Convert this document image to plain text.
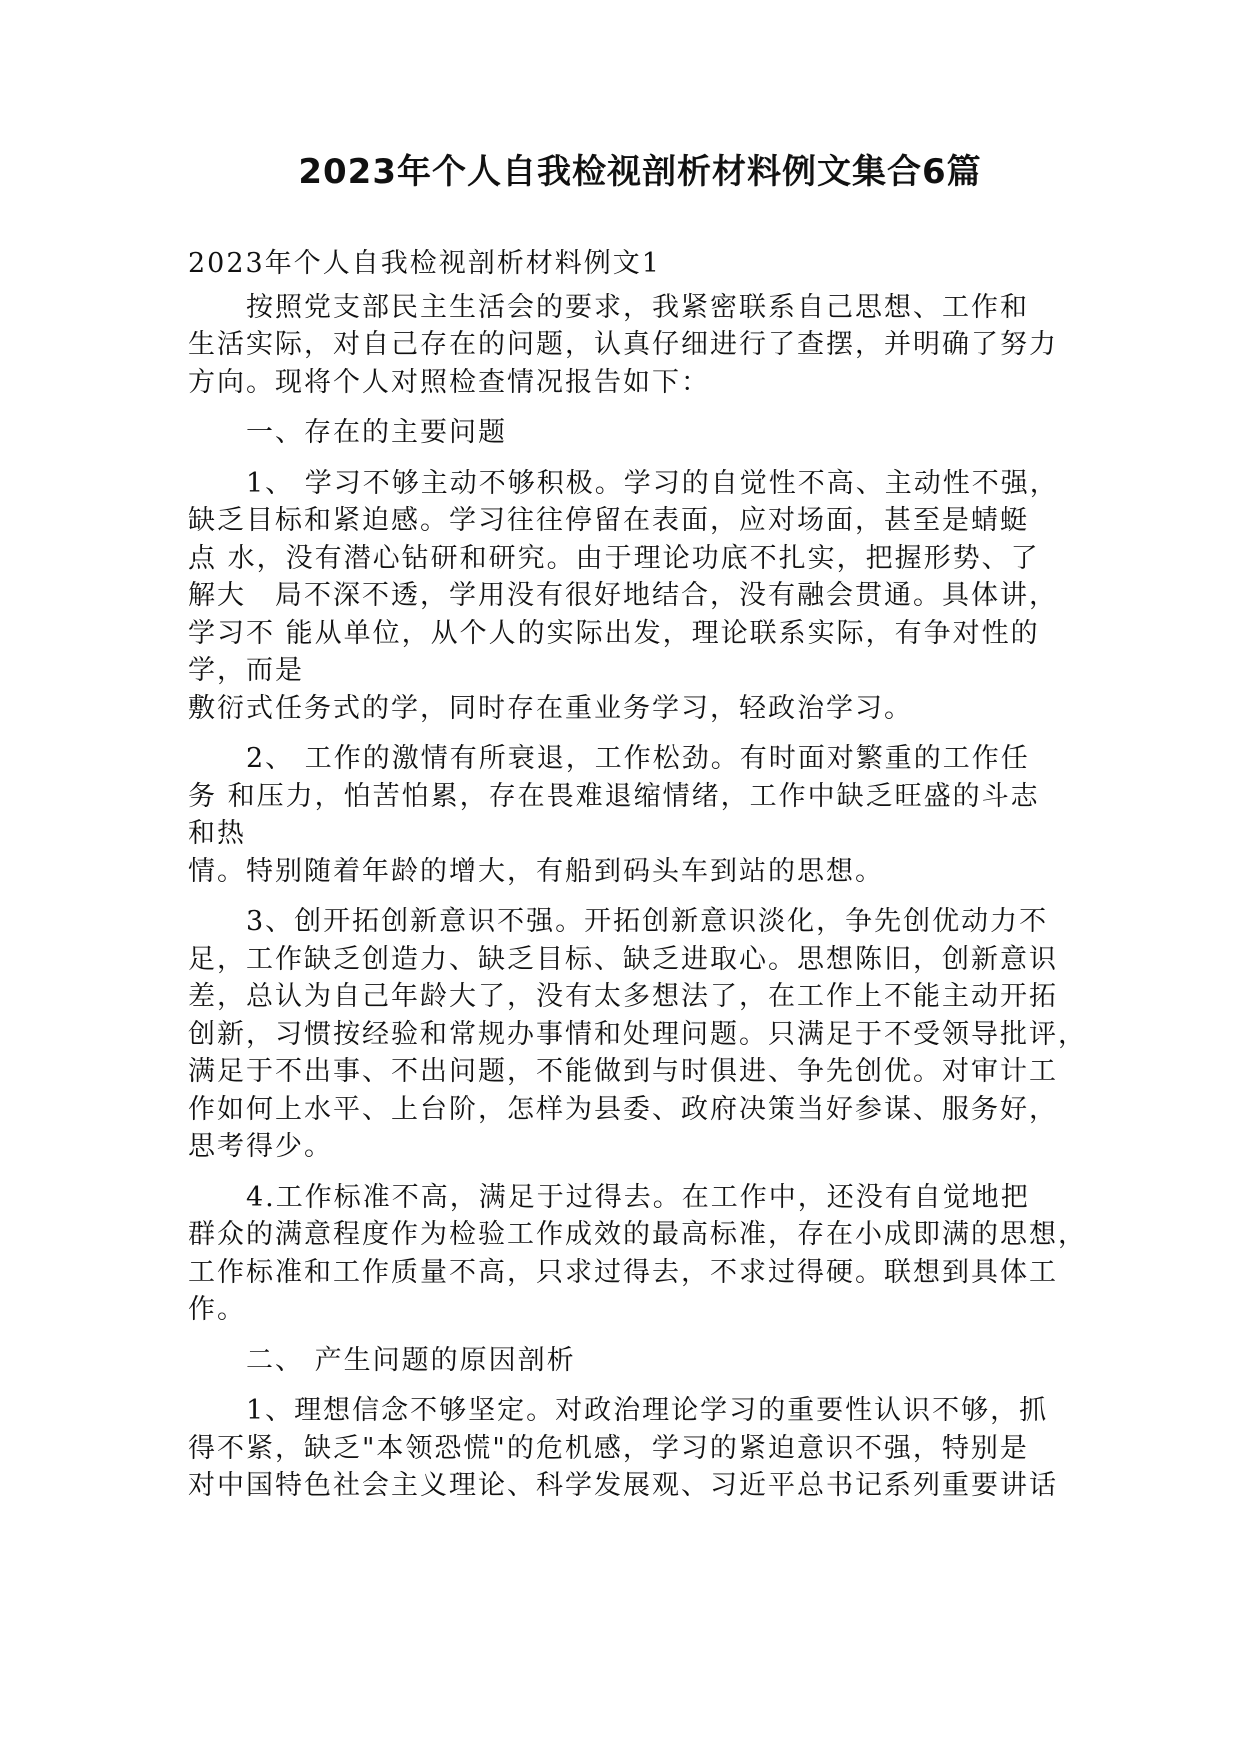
2023年个人自我检视剖析材料例文集合6篇
2023年个人自我检视剖析材料例文1
　　按照党支部民主生活会的要求，我紧密联系自己思想、工作和
生活实际，对自己存在的问题，认真仔细进行了查摆，并明确了努力
方向。现将个人对照检查情况报告如下：
　　一、存在的主要问题
　　1、 学习不够主动不够积极。学习的自觉性不高、主动性不强，
缺乏目标和紧迫感。学习往往停留在表面，应对场面，甚至是蜻蜓
点 水，没有潜心钻研和研究。由于理论功底不扎实，把握形势、了
解大　局不深不透，学用没有很好地结合，没有融会贯通。具体讲，
学习不 能从单位，从个人的实际出发，理论联系实际，有争对性的
学，而是
敷衍式任务式的学，同时存在重业务学习，轻政治学习。
　　2、 工作的激情有所衰退，工作松劲。有时面对繁重的工作任
务 和压力，怕苦怕累，存在畏难退缩情绪，工作中缺乏旺盛的斗志
和热
情。特别随着年龄的增大，有船到码头车到站的思想。
　　3、创开拓创新意识不强。开拓创新意识淡化，争先创优动力不
足，工作缺乏创造力、缺乏目标、缺乏进取心。思想陈旧，创新意识
差，总认为自己年龄大了，没有太多想法了，在工作上不能主动开拓
创新，习惯按经验和常规办事情和处理问题。只满足于不受领导批评，
满足于不出事、不出问题，不能做到与时俱进、争先创优。对审计工
作如何上水平、上台阶，怎样为县委、政府决策当好参谋、服务好，
思考得少。
　　4.工作标准不高，满足于过得去。在工作中，还没有自觉地把
群众的满意程度作为检验工作成效的最高标准，存在小成即满的思想，
工作标准和工作质量不高，只求过得去，不求过得硬。联想到具体工
作。
　　二、 产生问题的原因剖析
　　1、理想信念不够坚定。对政治理论学习的重要性认识不够，抓
得不紧，缺乏"本领恐慌"的危机感，学习的紧迫意识不强，特别是
对中国特色社会主义理论、科学发展观、习近平总书记系列重要讲话
